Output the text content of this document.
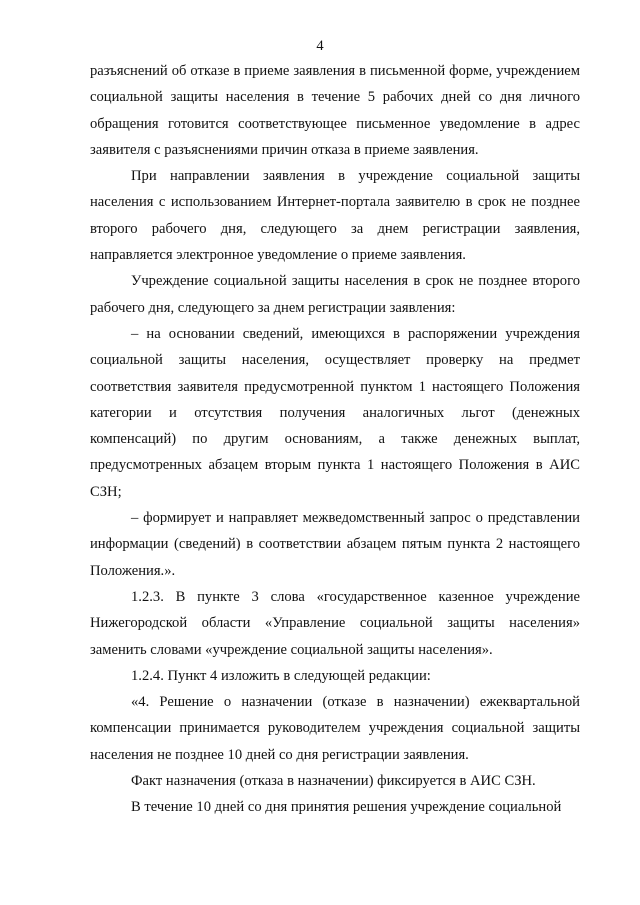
4

разъяснений об отказе в приеме заявления в письменной форме, учреждением социальной защиты населения в течение 5 рабочих дней со дня личного обращения готовится соответствующее письменное уведомление в адрес заявителя с разъяснениями причин отказа в приеме заявления.

При направлении заявления в учреждение социальной защиты населения с использованием Интернет-портала заявителю в срок не позднее второго рабочего дня, следующего за днем регистрации заявления, направляется электронное уведомление о приеме заявления.

Учреждение социальной защиты населения в срок не позднее второго рабочего дня, следующего за днем регистрации заявления:

– на основании сведений, имеющихся в распоряжении учреждения социальной защиты населения, осуществляет проверку на предмет соответствия заявителя предусмотренной пунктом 1 настоящего Положения категории и отсутствия получения аналогичных льгот (денежных компенсаций) по другим основаниям, а также денежных выплат, предусмотренных абзацем вторым пункта 1 настоящего Положения в АИС СЗН;

– формирует и направляет межведомственный запрос о представлении информации (сведений) в соответствии абзацем пятым пункта 2 настоящего Положения.».

1.2.3. В пункте 3 слова «государственное казенное учреждение Нижегородской области «Управление социальной защиты населения» заменить словами «учреждение социальной защиты населения».

1.2.4. Пункт 4 изложить в следующей редакции:

«4. Решение о назначении (отказе в назначении) ежеквартальной компенсации принимается руководителем учреждения социальной защиты населения не позднее 10 дней со дня регистрации заявления.

Факт назначения (отказа в назначении) фиксируется в АИС СЗН.

В течение 10 дней со дня принятия решения учреждение социальной
